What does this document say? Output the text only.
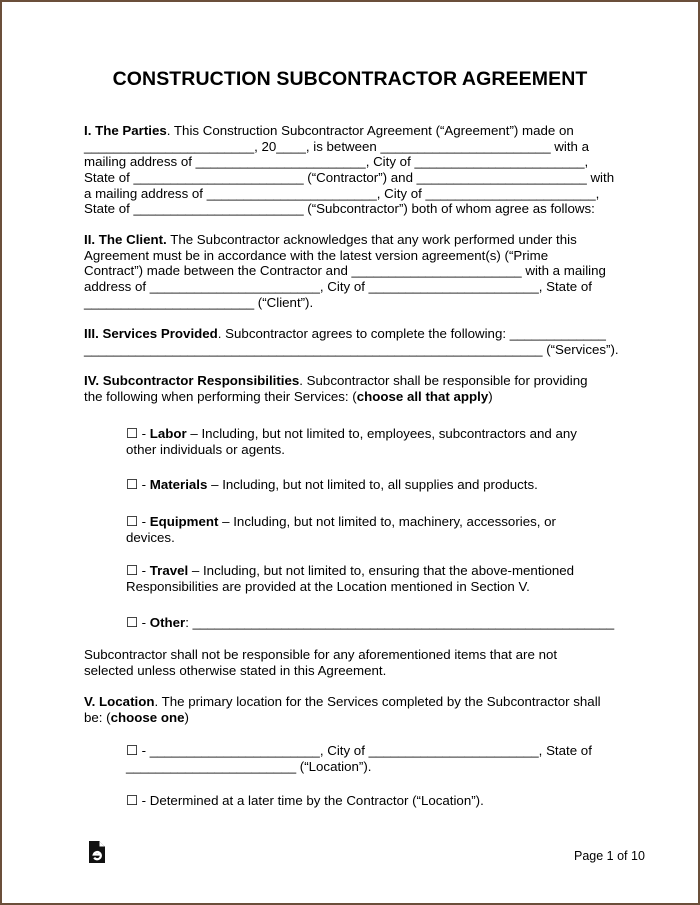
CONSTRUCTION SUBCONTRACTOR AGREEMENT
I. The Parties. This Construction Subcontractor Agreement (“Agreement”) made on
_______________________, 20____, is between _______________________ with a
mailing address of _______________________, City of _______________________,
State of _______________________ (“Contractor”) and _______________________ with
a mailing address of _______________________, City of _______________________,
State of _______________________ (“Subcontractor”) both of whom agree as follows:
II. The Client. The Subcontractor acknowledges that any work performed under this
Agreement must be in accordance with the latest version agreement(s) (“Prime
Contract”) made between the Contractor and _______________________ with a mailing
address of _______________________, City of _______________________, State of
_______________________ (“Client”).
III. Services Provided. Subcontractor agrees to complete the following: _____________
______________________________________________________________ (“Services”).
IV. Subcontractor Responsibilities. Subcontractor shall be responsible for providing
the following when performing their Services: (choose all that apply)
☐ - Labor – Including, but not limited to, employees, subcontractors and any
other individuals or agents.
☐ - Materials – Including, but not limited to, all supplies and products.
☐ - Equipment – Including, but not limited to, machinery, accessories, or
devices.
☐ - Travel – Including, but not limited to, ensuring that the above-mentioned
Responsibilities are provided at the Location mentioned in Section V.
☐ - Other: _________________________________________________________
Subcontractor shall not be responsible for any aforementioned items that are not
selected unless otherwise stated in this Agreement.
V. Location. The primary location for the Services completed by the Subcontractor shall
be: (choose one)
☐ - _______________________, City of _______________________, State of
_______________________ (“Location”).
☐ - Determined at a later time by the Contractor (“Location”).
Page 1 of 10
